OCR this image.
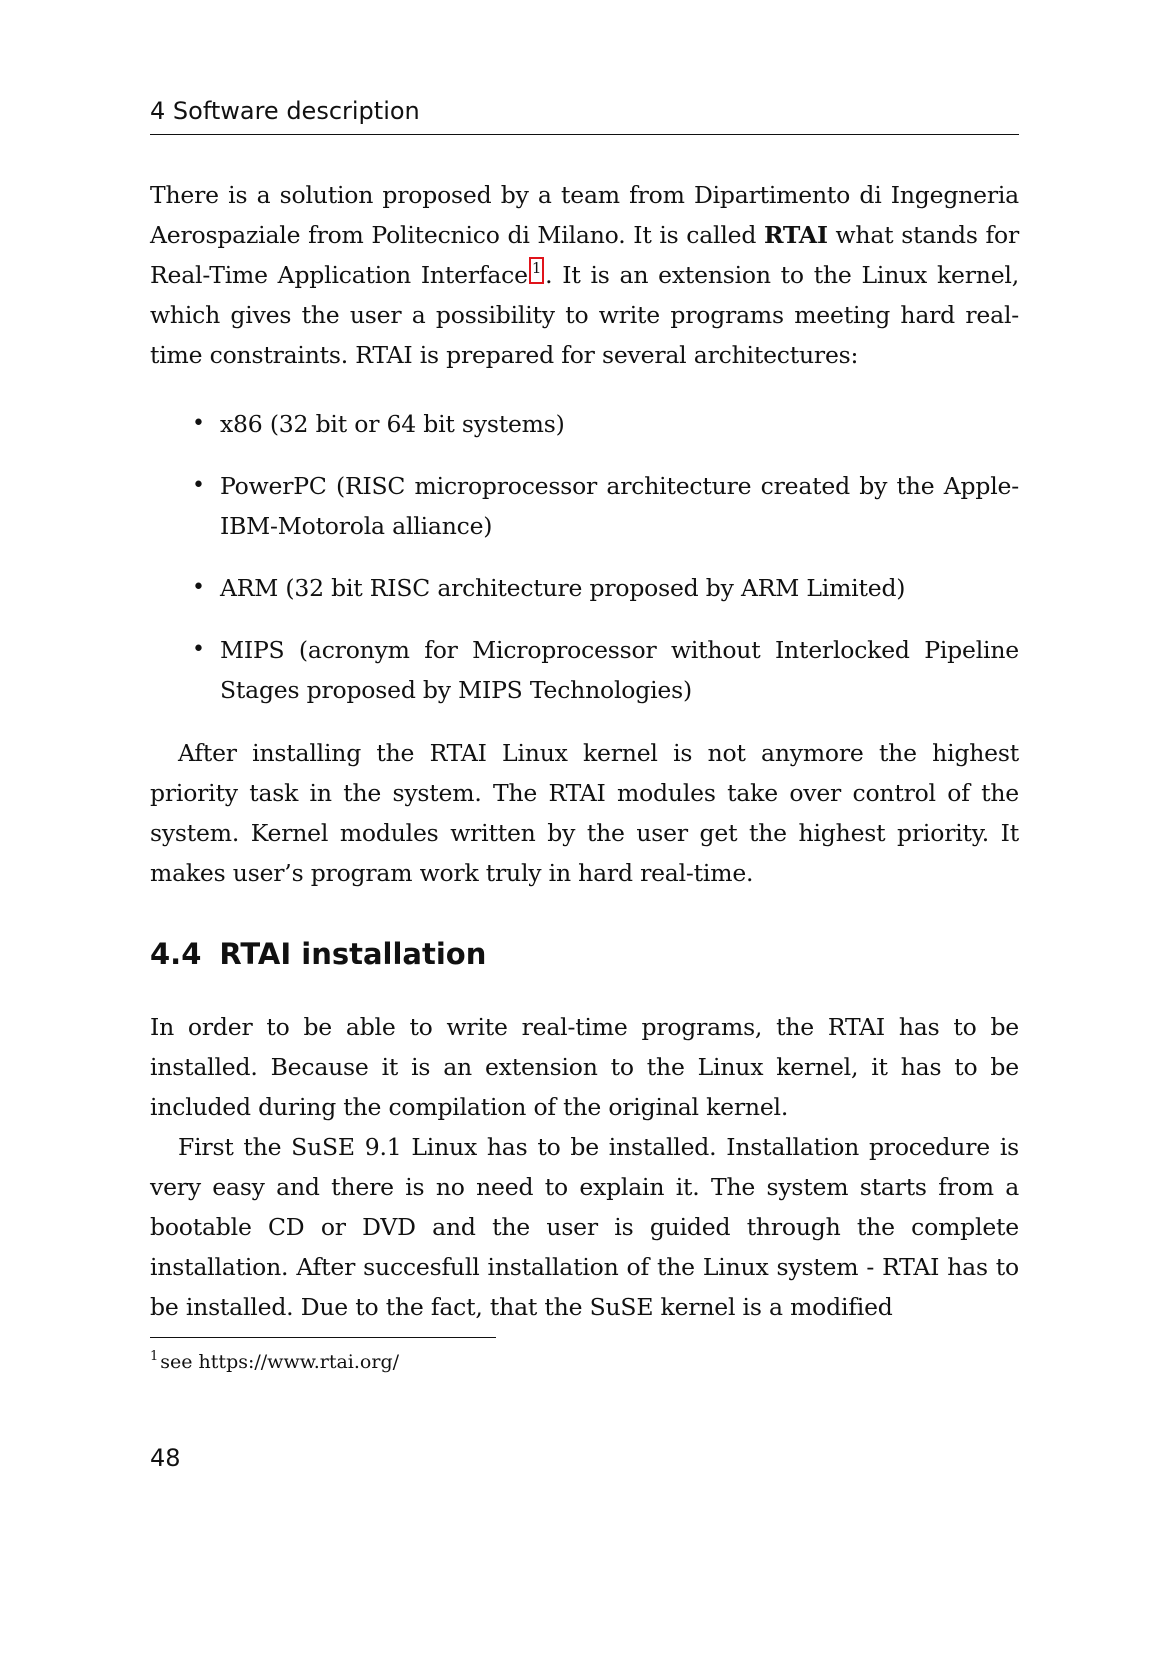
4 Software description

There is a solution proposed by a team from Dipartimento di Ingegneria Aerospaziale from Politecnico di Milano. It is called RTAI what stands for Real-Time Application Interface 1 . It is an extension to the Linux kernel, which gives the user a possibility to write programs meeting hard real-time constraints. RTAI is prepared for several architectures:

• x86 (32 bit or 64 bit systems)
• PowerPC (RISC microprocessor architecture created by the Apple-IBM-Motorola alliance)
• ARM (32 bit RISC architecture proposed by ARM Limited)
• MIPS (acronym for Microprocessor without Interlocked Pipeline Stages proposed by MIPS Technologies)

After installing the RTAI Linux kernel is not anymore the highest priority task in the system. The RTAI modules take over control of the system. Kernel modules written by the user get the highest priority. It makes user’s program work truly in hard real-time.

4.4 RTAI installation

In order to be able to write real-time programs, the RTAI has to be installed. Because it is an extension to the Linux kernel, it has to be included during the compilation of the original kernel.

First the SuSE 9.1 Linux has to be installed. Installation procedure is very easy and there is no need to explain it. The system starts from a bootable CD or DVD and the user is guided through the complete installation. After succesfull installation of the Linux system - RTAI has to be installed. Due to the fact, that the SuSE kernel is a modified

$^1$ see https://www.rtai.org/
48
